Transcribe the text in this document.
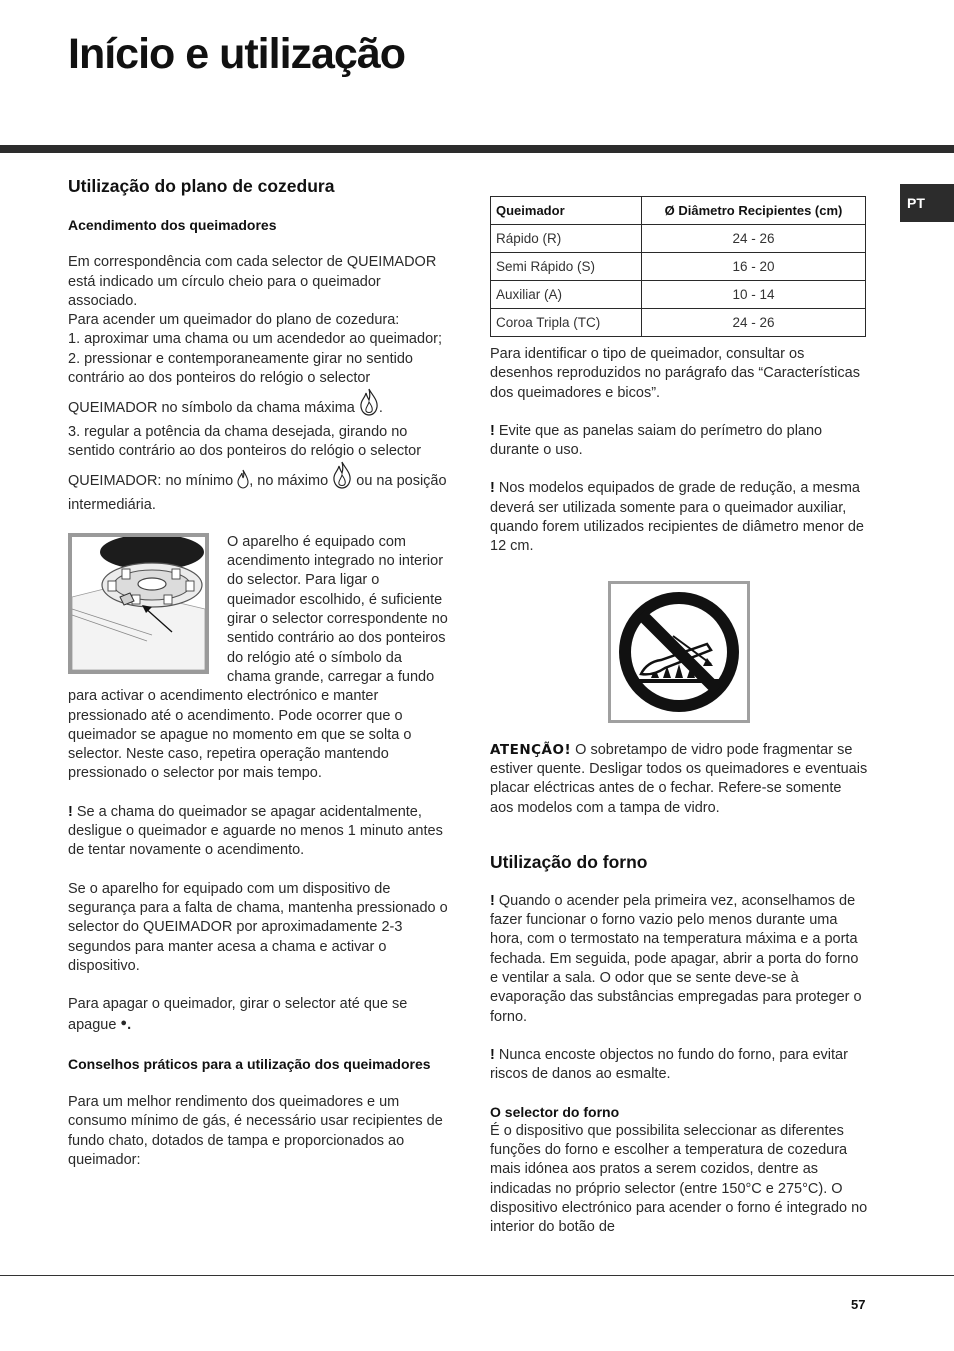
Início e utilização
PT
Utilização do plano de cozedura

Acendimento dos queimadores

Em correspondência com cada selector de QUEIMADOR está indicado um círculo cheio para o queimador associado.

Para acender um queimador do plano de cozedura:

1. aproximar uma chama ou um acendedor ao queimador;

2. pressionar e contemporaneamente girar no sentido contrário ao dos ponteiros do relógio o selector QUEIMADOR no símbolo da chama máxima .

3. regular a potência da chama desejada, girando no sentido contrário ao dos ponteiros do relógio o selector QUEIMADOR: no mínimo , no máximo ou na posição intermediária.

O aparelho é equipado com acendimento integrado no interior do selector. Para ligar o queimador escolhido, é suficiente girar o selector correspondente no sentido contrário ao dos ponteiros do relógio até o símbolo da chama grande, carregar a fundo para activar o acendimento electrónico e manter pressionado até o acendimento. Pode ocorrer que o queimador se apague no momento em que se solta o selector. Neste caso, repetira operação mantendo pressionado o selector por mais tempo.

! Se a chama do queimador se apagar acidentalmente, desligue o queimador e aguarde no menos 1 minuto antes de tentar novamente o acendimento.

Se o aparelho for equipado com um dispositivo de segurança para a falta de chama, mantenha pressionado o selector do QUEIMADOR por aproximadamente 2-3 segundos para manter acesa a chama e activar o dispositivo.

Para apagar o queimador, girar o selector até que se apague ●.

Conselhos práticos para a utilização dos queimadores

Para um melhor rendimento dos queimadores e um consumo mínimo de gás, é necessário usar recipientes de fundo chato, dotados de tampa e proporcionados ao queimador:

Queimador	Ø Diâmetro Recipientes (cm)
Rápido (R)	24 - 26
Semi Rápido (S)	16 - 20
Auxiliar (A)	10 - 14
Coroa Tripla (TC)	24 - 26

Para identificar o tipo de queimador, consultar os desenhos reproduzidos no parágrafo das “Características dos queimadores e bicos”.

! Evite que as panelas saiam do perímetro do plano durante o uso.

! Nos modelos equipados de grade de redução, a mesma deverá ser utilizada somente para o queimador auxiliar, quando forem utilizados recipientes de diâmetro menor de 12 cm.

ATENÇÃO! O sobretampo de vidro pode fragmentar se estiver quente. Desligar todos os queimadores e eventuais placar eléctricas antes de o fechar. Refere-se somente aos modelos com a tampa de vidro.

Utilização do forno

! Quando o acender pela primeira vez, aconselhamos de fazer funcionar o forno vazio pelo menos durante uma hora, com o termostato na temperatura máxima e a porta fechada. Em seguida, pode apagar, abrir a porta do forno e ventilar a sala. O odor que se sente deve-se à evaporação das substâncias empregadas para proteger o forno.

! Nunca encoste objectos no fundo do forno, para evitar riscos de danos ao esmalte.

O selector do forno

É o dispositivo que possibilita seleccionar as diferentes funções do forno e escolher a temperatura de cozedura mais idónea aos pratos a serem cozidos, dentre as indicadas no próprio selector (entre 150°C e 275°C). O dispositivo electrónico para acender o forno é integrado no interior do botão de

57
